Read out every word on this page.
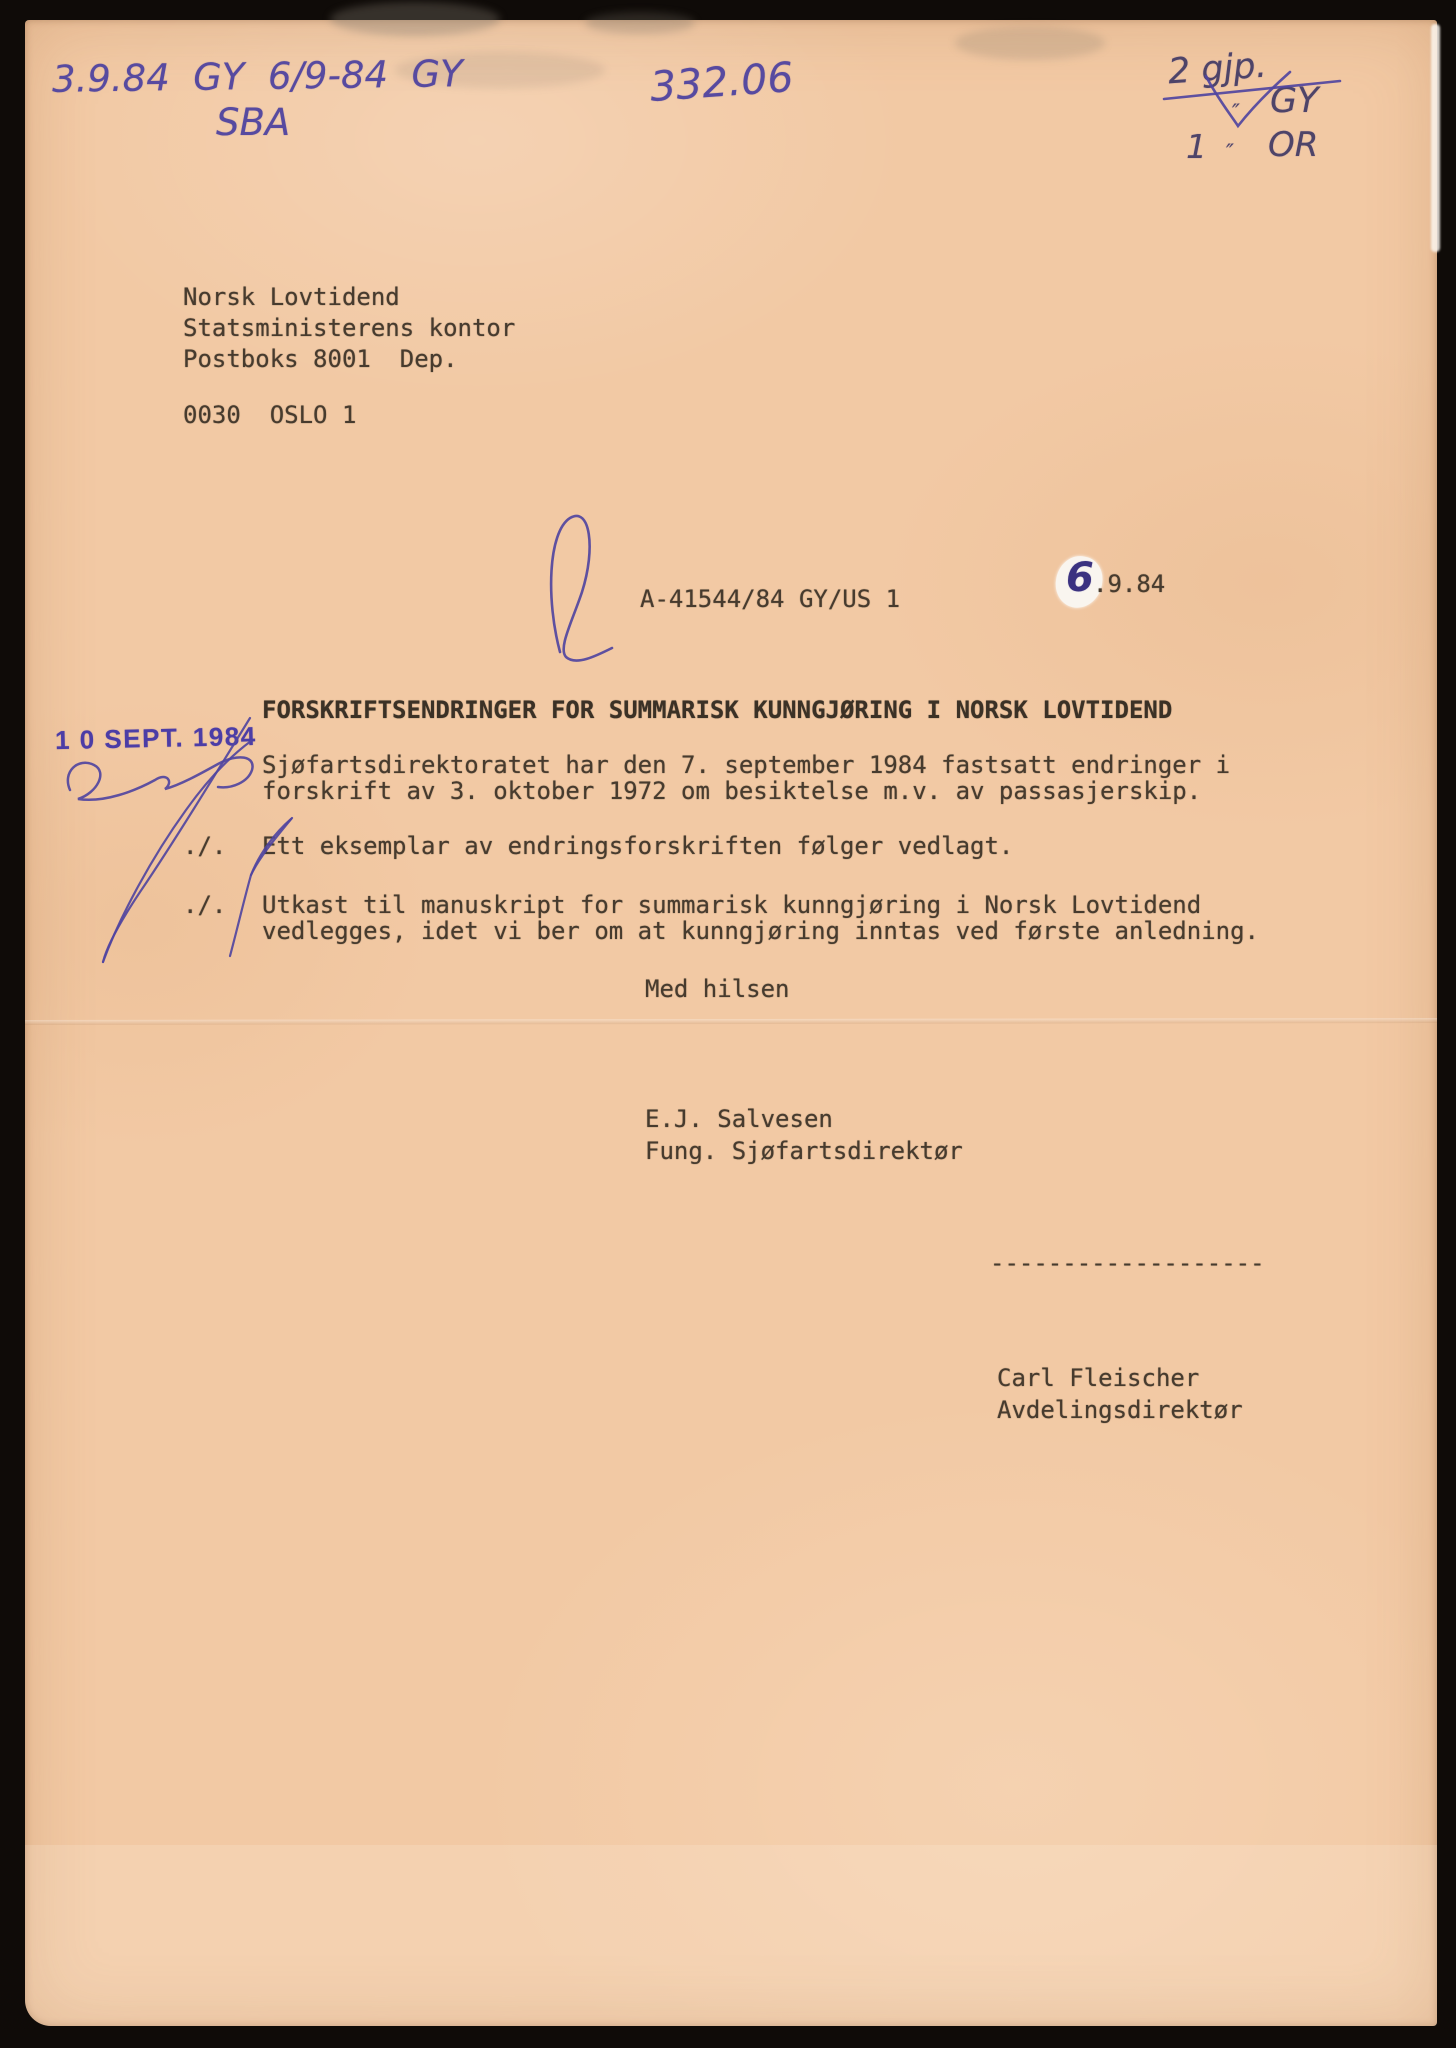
3.9.84  GY  6/9-84  GY
SBA
332.06	2 gjp.
″ GY
1 ″ OR
1 0 SEPT. 1984
Norsk Lovtidend
Statsministerens kontor
Postboks 8001  Dep.
0030  OSLO 1
A-41544/84 GY/US 1	6 .9.84
FORSKRIFTSENDRINGER FOR SUMMARISK KUNNGJØRING I NORSK LOVTIDEND
Sjøfartsdirektoratet har den 7. september 1984 fastsatt endringer i
forskrift av 3. oktober 1972 om besiktelse m.v. av passasjerskip.
./. Ett eksemplar av endringsforskriften følger vedlagt.
./. Utkast til manuskript for summarisk kunngjøring i Norsk Lovtidend
vedlegges, idet vi ber om at kunngjøring inntas ved første anledning.
Med hilsen
E.J. Salvesen
Fung. Sjøfartsdirektør
-------------------
Carl Fleischer
Avdelingsdirektør
